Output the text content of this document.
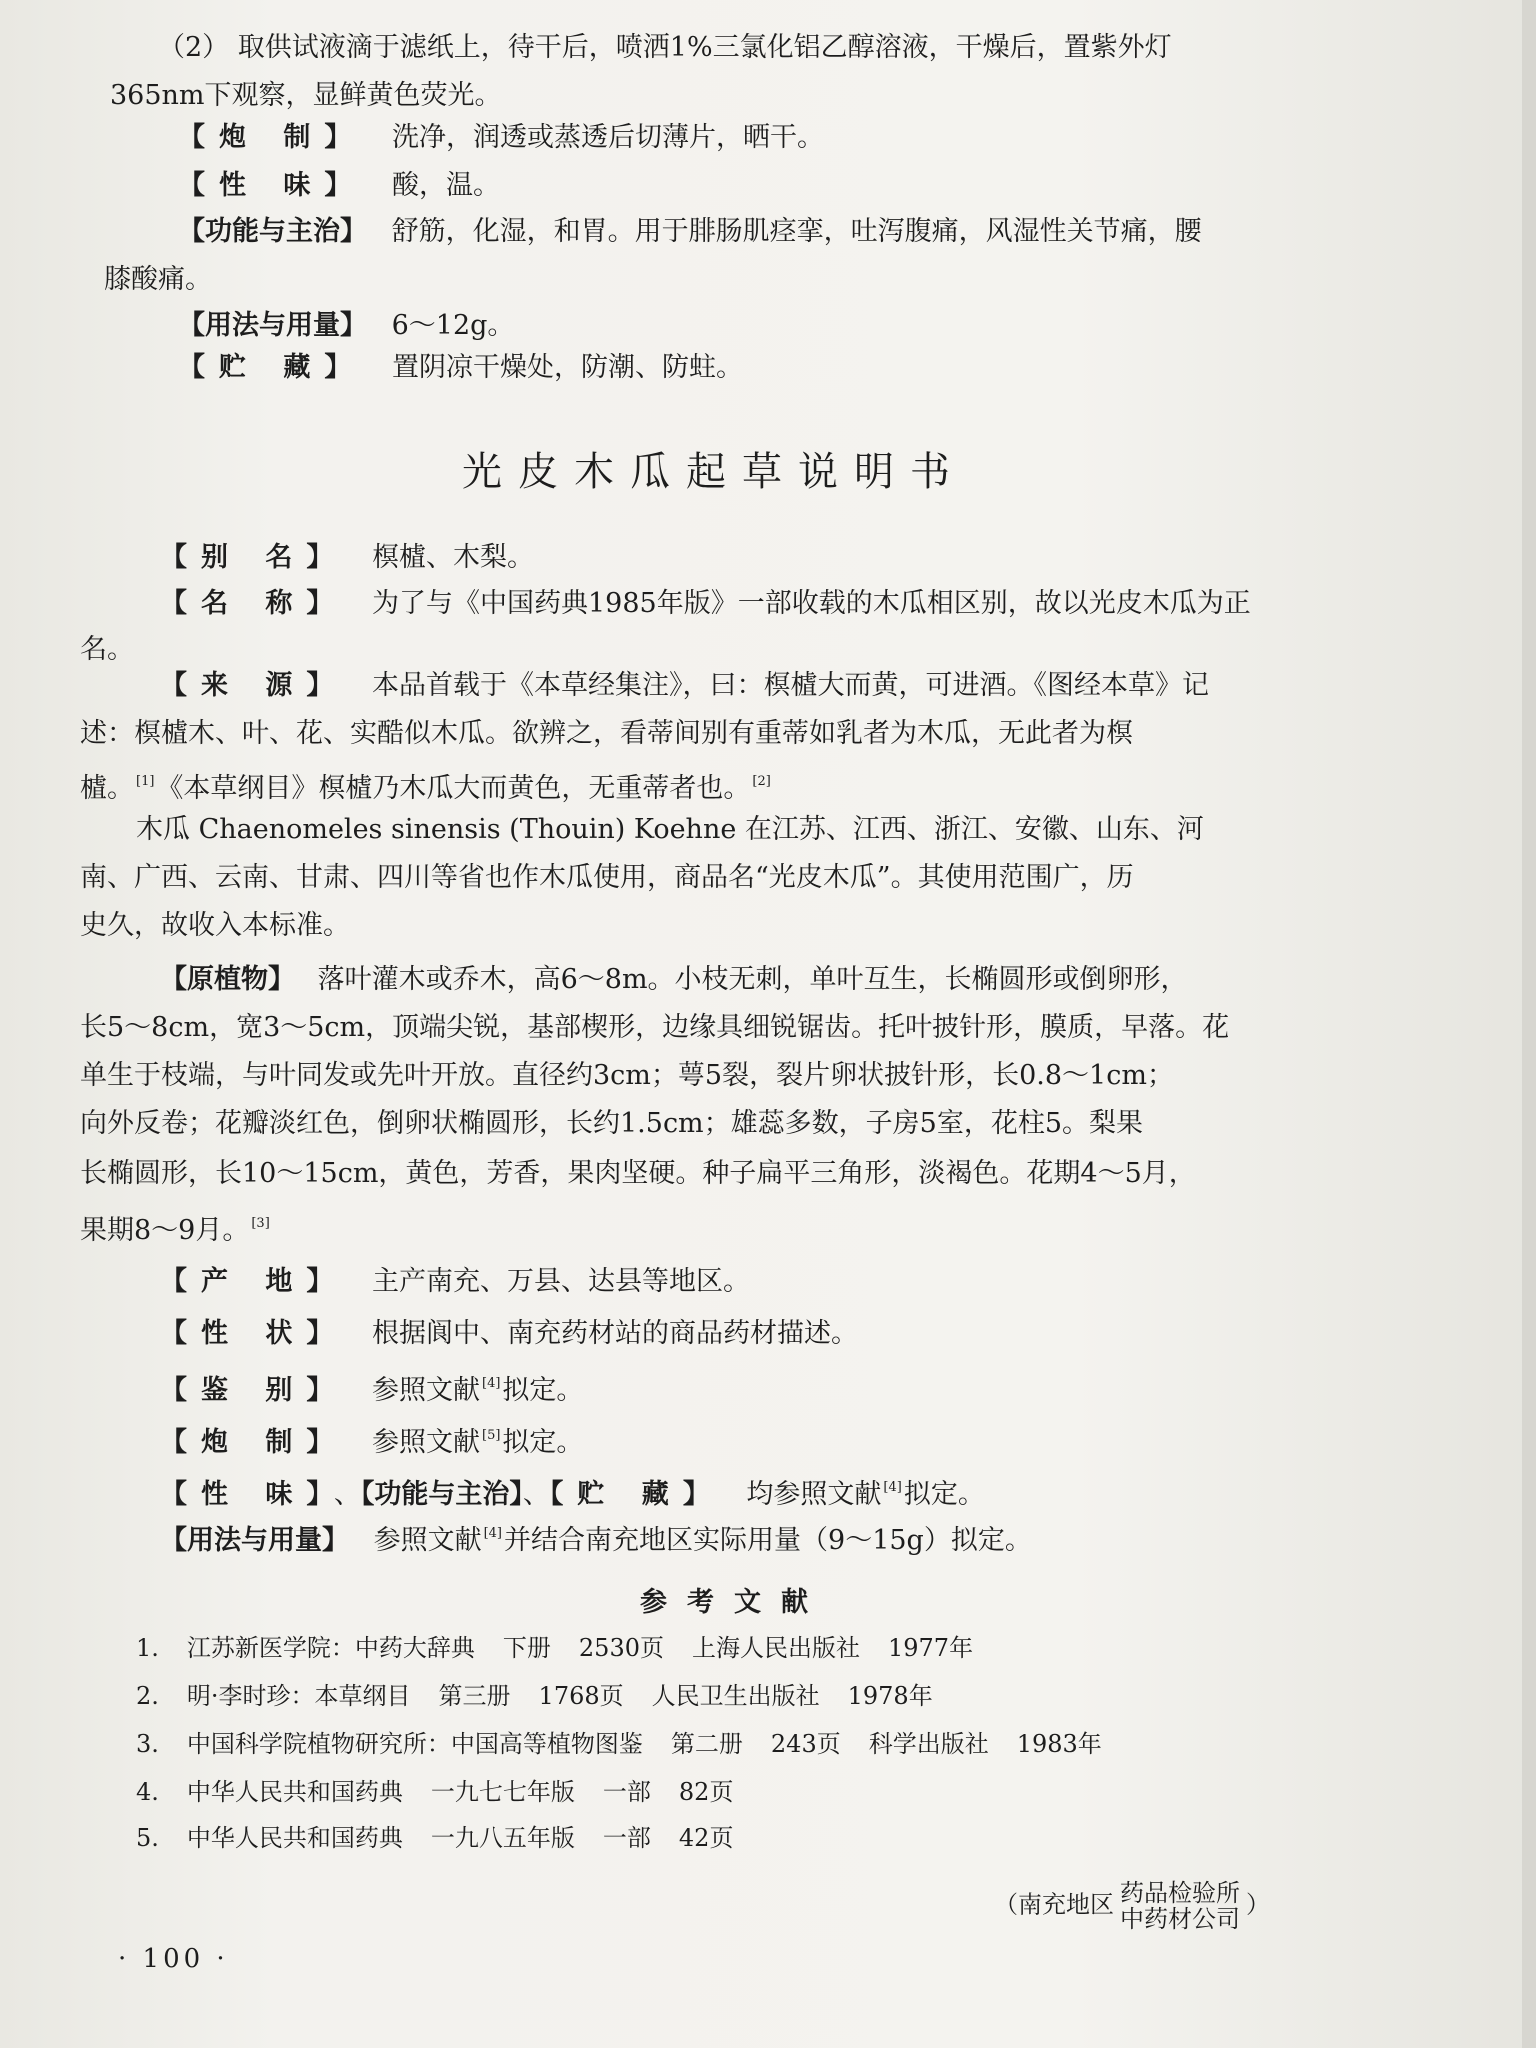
（2） 取供试液滴于滤纸上，待干后，喷洒1%三氯化铝乙醇溶液，干燥后，置紫外灯
365nm下观察，显鲜黄色荧光。
【 炮 制 】	洗净，润透或蒸透后切薄片，晒干。
【 性 味 】	酸，温。
【 功能与主治 】 舒筋，化湿，和胃。用于腓肠肌痉挛，吐泻腹痛，风湿性关节痛，腰
膝酸痛。
【 用法与用量 】 6～12g。
【 贮 藏 】	置阴凉干燥处，防潮、防蛀。
光皮木瓜起草说明书
【 别 名 】 榠樝、木梨。
【 名 称 】 为了与《中国药典1985年版》一部收载的木瓜相区别，故以光皮木瓜为正
名。
【 来 源 】 本品首载于《本草经集注》，曰：榠樝大而黄，可进酒。《图经本草》记
述：榠樝木、叶、花、实酷似木瓜。欲辨之，看蒂间别有重蒂如乳者为木瓜，无此者为榠
樝。 [1]《本草纲目》榠樝乃木瓜大而黄色，无重蒂者也。 [2]
木瓜 Chaenomeles sinensis (Thouin) Koehne 在江苏、江西、浙江、安徽、山东、河
南、广西、云南、甘肃、四川等省也作木瓜使用，商品名“光皮木瓜”。其使用范围广，历
史久，故收入本标准。
【 原植物 】 落叶灌木或乔木，高6～8m。小枝无刺，单叶互生，长椭圆形或倒卵形，
长5～8cm，宽3～5cm，顶端尖锐，基部楔形，边缘具细锐锯齿。托叶披针形，膜质，早落。花
单生于枝端，与叶同发或先叶开放。直径约3cm；萼5裂，裂片卵状披针形，长0.8～1cm；
向外反卷；花瓣淡红色，倒卵状椭圆形，长约1.5cm；雄蕊多数，子房5室，花柱5。梨果
长椭圆形，长10～15cm，黄色，芳香，果肉坚硬。种子扁平三角形，淡褐色。花期4～5月，
果期8～9月。 [3]
【 产 地 】 主产南充、万县、达县等地区。
【 性 状 】 根据阆中、南充药材站的商品药材描述。
【 鉴 别 】 参照文献 [4]拟定。
【 炮 制 】 参照文献 [5]拟定。
【 性 味 】 、 【 功能与主治 】 、 【 贮 藏 】 均参照文献 [4]拟定。
【 用法与用量 】 参照文献 [4]并结合南充地区实际用量（9～15g）拟定。
参考文献
1. 江苏新医学院：中药大辞典 下册 2530页 上海人民出版社 1977年
2. 明·李时珍：本草纲目 第三册 1768页 人民卫生出版社 1978年
3. 中国科学院植物研究所：中国高等植物图鉴 第二册 243页 科学出版社 1983年
4. 中华人民共和国药典 一九七七年版 一部 82页
5. 中华人民共和国药典 一九八五年版 一部 42页
（南充地区 药品检验所
中药材公司
）
· 100 ·
